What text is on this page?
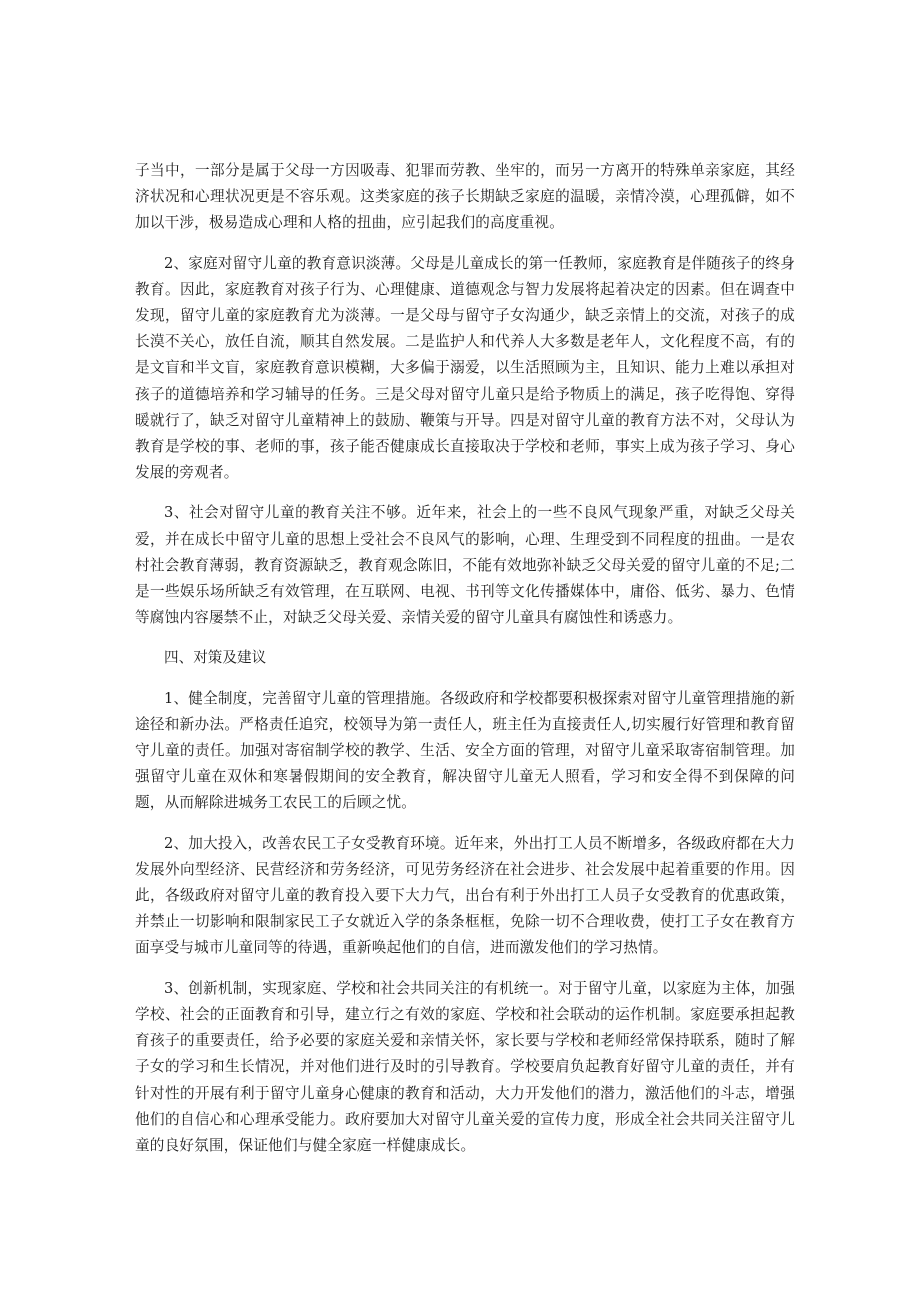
子当中，一部分是属于父母一方因吸毒、犯罪而劳教、坐牢的，而另一方离开的特殊单亲家庭，其经济状况和心理状况更是不容乐观。这类家庭的孩子长期缺乏家庭的温暖，亲情冷漠，心理孤僻，如不加以干涉，极易造成心理和人格的扭曲，应引起我们的高度重视。

2、家庭对留守儿童的教育意识淡薄。父母是儿童成长的第一任教师，家庭教育是伴随孩子的终身教育。因此，家庭教育对孩子行为、心理健康、道德观念与智力发展将起着决定的因素。但在调查中发现，留守儿童的家庭教育尤为淡薄。一是父母与留守子女沟通少，缺乏亲情上的交流，对孩子的成长漠不关心，放任自流，顺其自然发展。二是监护人和代养人大多数是老年人，文化程度不高，有的是文盲和半文盲，家庭教育意识模糊，大多偏于溺爱，以生活照顾为主，且知识、能力上难以承担对孩子的道德培养和学习辅导的任务。三是父母对留守儿童只是给予物质上的满足，孩子吃得饱、穿得暖就行了，缺乏对留守儿童精神上的鼓励、鞭策与开导。四是对留守儿童的教育方法不对，父母认为教育是学校的事、老师的事，孩子能否健康成长直接取决于学校和老师，事实上成为孩子学习、身心发展的旁观者。

3、社会对留守儿童的教育关注不够。近年来，社会上的一些不良风气现象严重，对缺乏父母关爱，并在成长中留守儿童的思想上受社会不良风气的影响，心理、生理受到不同程度的扭曲。一是农村社会教育薄弱，教育资源缺乏，教育观念陈旧，不能有效地弥补缺乏父母关爱的留守儿童的不足;二是一些娱乐场所缺乏有效管理，在互联网、电视、书刊等文化传播媒体中，庸俗、低劣、暴力、色情等腐蚀内容屡禁不止，对缺乏父母关爱、亲情关爱的留守儿童具有腐蚀性和诱惑力。

四、对策及建议

1、健全制度，完善留守儿童的管理措施。各级政府和学校都要积极探索对留守儿童管理措施的新途径和新办法。严格责任追究，校领导为第一责任人，班主任为直接责任人,切实履行好管理和教育留守儿童的责任。加强对寄宿制学校的教学、生活、安全方面的管理，对留守儿童采取寄宿制管理。加强留守儿童在双休和寒暑假期间的安全教育，解决留守儿童无人照看，学习和安全得不到保障的问题，从而解除进城务工农民工的后顾之忧。

2、加大投入，改善农民工子女受教育环境。近年来，外出打工人员不断增多，各级政府都在大力发展外向型经济、民营经济和劳务经济，可见劳务经济在社会进步、社会发展中起着重要的作用。因此，各级政府对留守儿童的教育投入要下大力气，出台有利于外出打工人员子女受教育的优惠政策，并禁止一切影响和限制家民工子女就近入学的条条框框，免除一切不合理收费，使打工子女在教育方面享受与城市儿童同等的待遇，重新唤起他们的自信，进而激发他们的学习热情。

3、创新机制，实现家庭、学校和社会共同关注的有机统一。对于留守儿童，以家庭为主体，加强学校、社会的正面教育和引导，建立行之有效的家庭、学校和社会联动的运作机制。家庭要承担起教育孩子的重要责任，给予必要的家庭关爱和亲情关怀，家长要与学校和老师经常保持联系，随时了解子女的学习和生长情况，并对他们进行及时的引导教育。学校要肩负起教育好留守儿童的责任，并有针对性的开展有利于留守儿童身心健康的教育和活动，大力开发他们的潜力，激活他们的斗志，增强他们的自信心和心理承受能力。政府要加大对留守儿童关爱的宣传力度，形成全社会共同关注留守儿童的良好氛围，保证他们与健全家庭一样健康成长。
